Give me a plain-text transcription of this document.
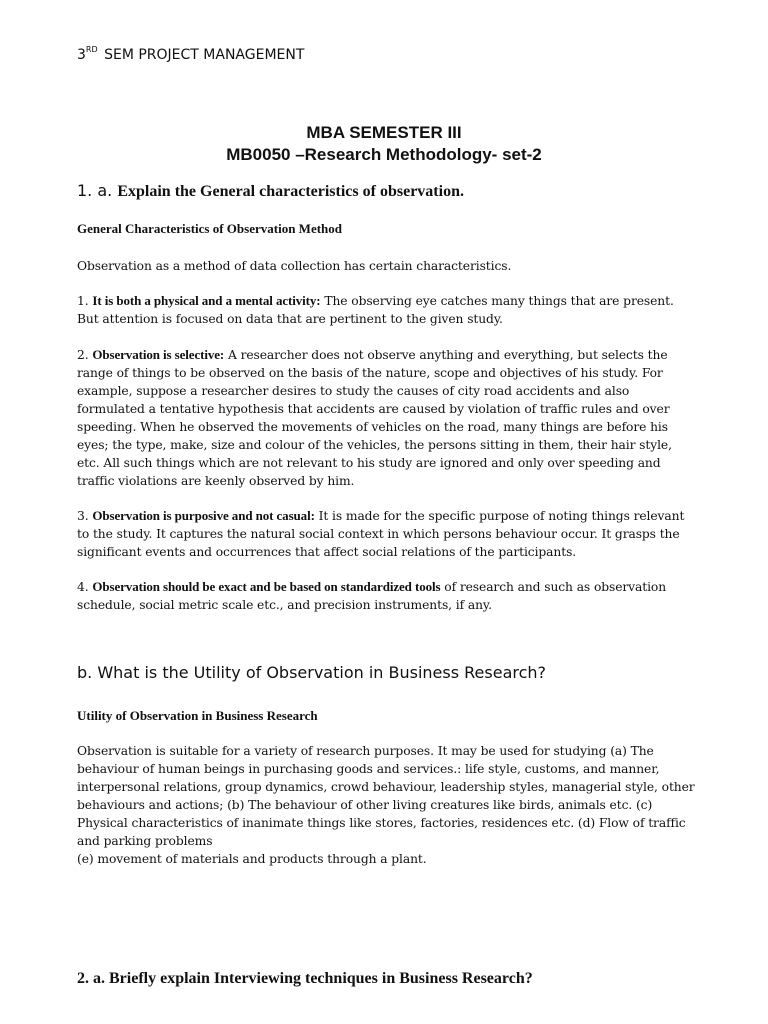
3RD SEM PROJECT MANAGEMENT
MBA SEMESTER III
MB0050 –Research Methodology- set-2
1. a. Explain the General characteristics of observation.
General Characteristics of Observation Method
Observation as a method of data collection has certain characteristics.
1. It is both a physical and a mental activity: The observing eye catches many things that are present. But attention is focused on data that are pertinent to the given study.
2. Observation is selective: A researcher does not observe anything and everything, but selects the range of things to be observed on the basis of the nature, scope and objectives of his study. For example, suppose a researcher desires to study the causes of city road accidents and also formulated a tentative hypothesis that accidents are caused by violation of traffic rules and over speeding. When he observed the movements of vehicles on the road, many things are before his eyes; the type, make, size and colour of the vehicles, the persons sitting in them, their hair style, etc. All such things which are not relevant to his study are ignored and only over speeding and traffic violations are keenly observed by him.
3. Observation is purposive and not casual: It is made for the specific purpose of noting things relevant to the study. It captures the natural social context in which persons behaviour occur. It grasps the significant events and occurrences that affect social relations of the participants.
4. Observation should be exact and be based on standardized tools of research and such as observation schedule, social metric scale etc., and precision instruments, if any.
b. What is the Utility of Observation in Business Research?
Utility of Observation in Business Research
Observation is suitable for a variety of research purposes. It may be used for studying (a) The behaviour of human beings in purchasing goods and services.: life style, customs, and manner, interpersonal relations, group dynamics, crowd behaviour, leadership styles, managerial style, other behaviours and actions; (b) The behaviour of other living creatures like birds, animals etc. (c) Physical characteristics of inanimate things like stores, factories, residences etc. (d) Flow of traffic and parking problems
(e) movement of materials and products through a plant.
2. a. Briefly explain Interviewing techniques in Business Research?
